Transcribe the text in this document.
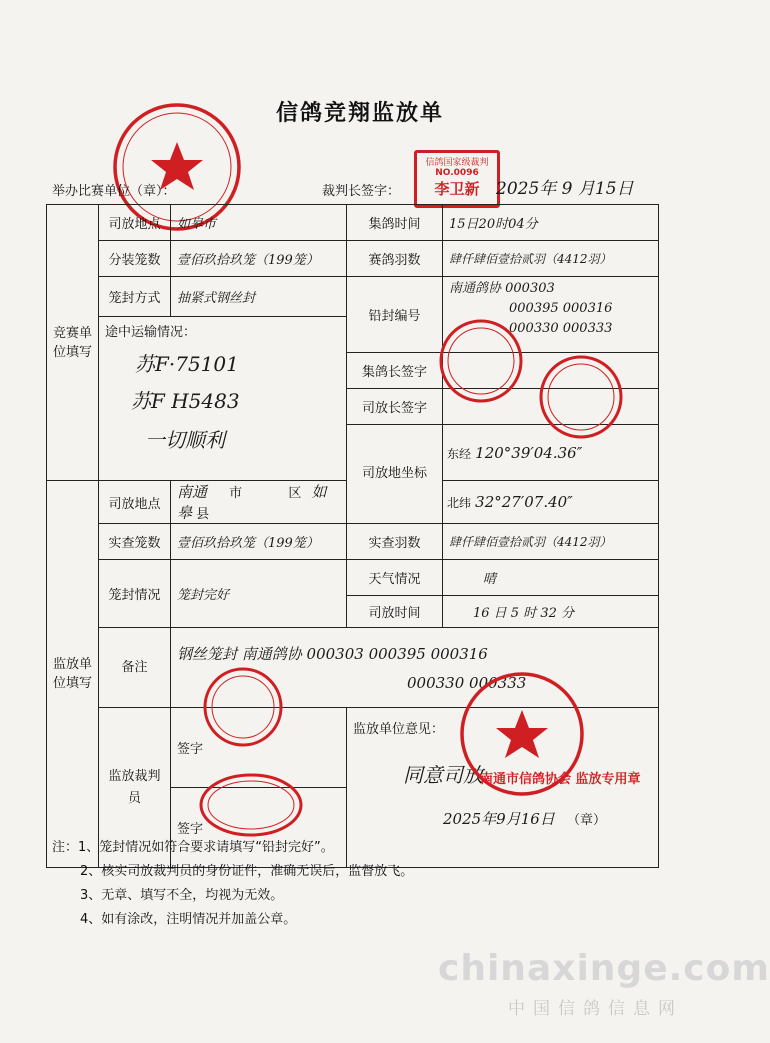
信鸽竞翔监放单
举办比赛单位（章）：	裁判长签字：
信鸽国家级裁判
NO.0096
李卫新 2025年 9 月15日
竞赛单位填写	司放地点	如皋市	集鸽时间	15日20时04分
	分装笼数	壹佰玖拾玖笼（199笼）	赛鸽羽数	肆仟肆佰壹拾贰羽（4412羽）
	笼封方式	抽紧式钢丝封	铅封编号	南通鸽协 000303
000395 000316
000330 000333

	途中运输情况：
苏F·75101
苏F H5483
一切顺利			

			集鸽长签字	
			司放长签字	
			司放地坐标	东经 120°39′04.36″
监放单位填写	司放地点	南通 市 区 如皋 县		北纬 32°27′07.40″
	实查笼数	壹佰玖拾玖笼（199笼）	实查羽数	肆仟肆佰壹拾贰羽（4412羽）
	笼封情况	笼封完好	天气情况	晴
			司放时间	16 日 5 时 32 分
	备注	钢丝笼封 南通鸽协 000303 000395 000316
000330 000333		

	监放裁判员	签字	监放单位意见：
同意司放
2025年9月16日 （章）	

		签字		
南通市信鸽协会 监放专用章
注：1、笼封情况如符合要求请填写“铅封完好”。
2、核实司放裁判员的身份证件，准确无误后，监督放飞。
3、无章、填写不全，均视为无效。
4、如有涂改，注明情况并加盖公章。
chinaxinge.com
中国信鸽信息网
